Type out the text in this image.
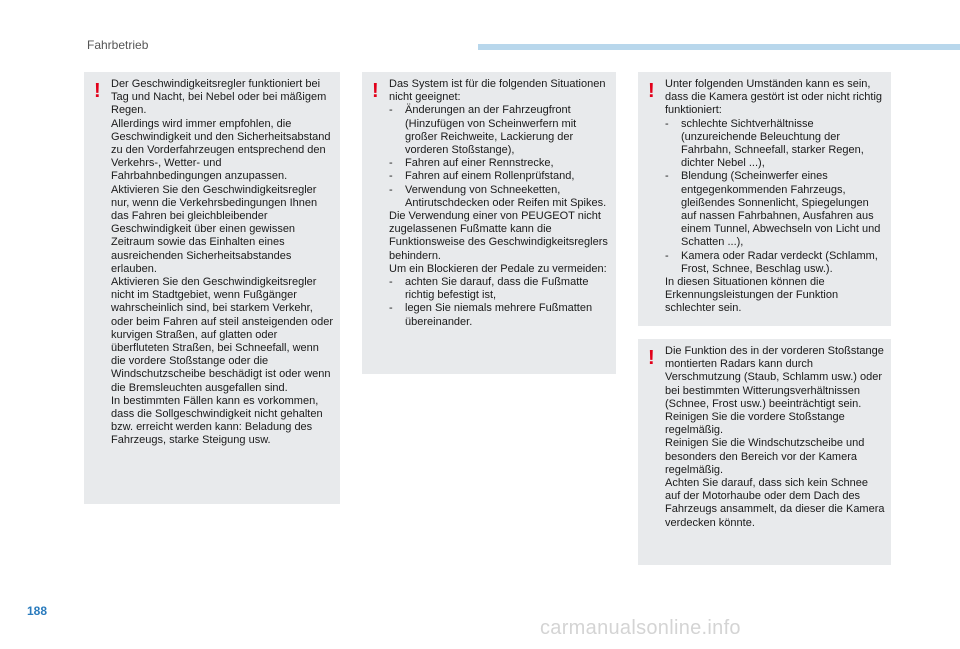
Fahrbetrieb
! Der Geschwindigkeitsregler funktioniert bei Tag und Nacht, bei Nebel oder bei mäßigem Regen.

Allerdings wird immer empfohlen, die Geschwindigkeit und den Sicherheitsabstand zu den Vorderfahrzeugen entsprechend den Verkehrs-, Wetter- und Fahrbahnbedingungen anzupassen.

Aktivieren Sie den Geschwindigkeitsregler nur, wenn die Verkehrsbedingungen Ihnen das Fahren bei gleichbleibender Geschwindigkeit über einen gewissen Zeitraum sowie das Einhalten eines ausreichenden Sicherheitsabstandes erlauben.

Aktivieren Sie den Geschwindigkeitsregler nicht im Stadtgebiet, wenn Fußgänger wahrscheinlich sind, bei starkem Verkehr, oder beim Fahren auf steil ansteigenden oder kurvigen Straßen, auf glatten oder überfluteten Straßen, bei Schneefall, wenn die vordere Stoßstange oder die Windschutzscheibe beschädigt ist oder wenn die Bremsleuchten ausgefallen sind.

In bestimmten Fällen kann es vorkommen, dass die Sollgeschwindigkeit nicht gehalten bzw. erreicht werden kann: Beladung des Fahrzeugs, starke Steigung usw.

! Das System ist für die folgenden Situationen nicht geeignet:

-	Änderungen an der Fahrzeugfront (Hinzufügen von Scheinwerfern mit großer Reichweite, Lackierung der vorderen Stoßstange),
-	Fahren auf einer Rennstrecke,
-	Fahren auf einem Rollenprüfstand,
-	Verwendung von Schneeketten, Antirutschdecken oder Reifen mit Spikes.

Die Verwendung einer von PEUGEOT nicht zugelassenen Fußmatte kann die Funktionsweise des Geschwindigkeitsreglers behindern.

Um ein Blockieren der Pedale zu vermeiden:

-	achten Sie darauf, dass die Fußmatte richtig befestigt ist,
-	legen Sie niemals mehrere Fußmatten übereinander.
! Unter folgenden Umständen kann es sein, dass die Kamera gestört ist oder nicht richtig funktioniert:

-	schlechte Sichtverhältnisse (unzureichende Beleuchtung der Fahrbahn, Schneefall, starker Regen, dichter Nebel ...),
-	Blendung (Scheinwerfer eines entgegenkommenden Fahrzeugs, gleißendes Sonnenlicht, Spiegelungen auf nassen Fahrbahnen, Ausfahren aus einem Tunnel, Abwechseln von Licht und Schatten ...),
-	Kamera oder Radar verdeckt (Schlamm, Frost, Schnee, Beschlag usw.).

In diesen Situationen können die Erkennungsleistungen der Funktion schlechter sein.

! Die Funktion des in der vorderen Stoßstange montierten Radars kann durch Verschmutzung (Staub, Schlamm usw.) oder bei bestimmten Witterungsverhältnissen (Schnee, Frost usw.) beeinträchtigt sein.

Reinigen Sie die vordere Stoßstange regelmäßig.

Reinigen Sie die Windschutzscheibe und besonders den Bereich vor der Kamera regelmäßig.

Achten Sie darauf, dass sich kein Schnee auf der Motorhaube oder dem Dach des Fahrzeugs ansammelt, da dieser die Kamera verdecken könnte.

188
carmanualsonline.info
